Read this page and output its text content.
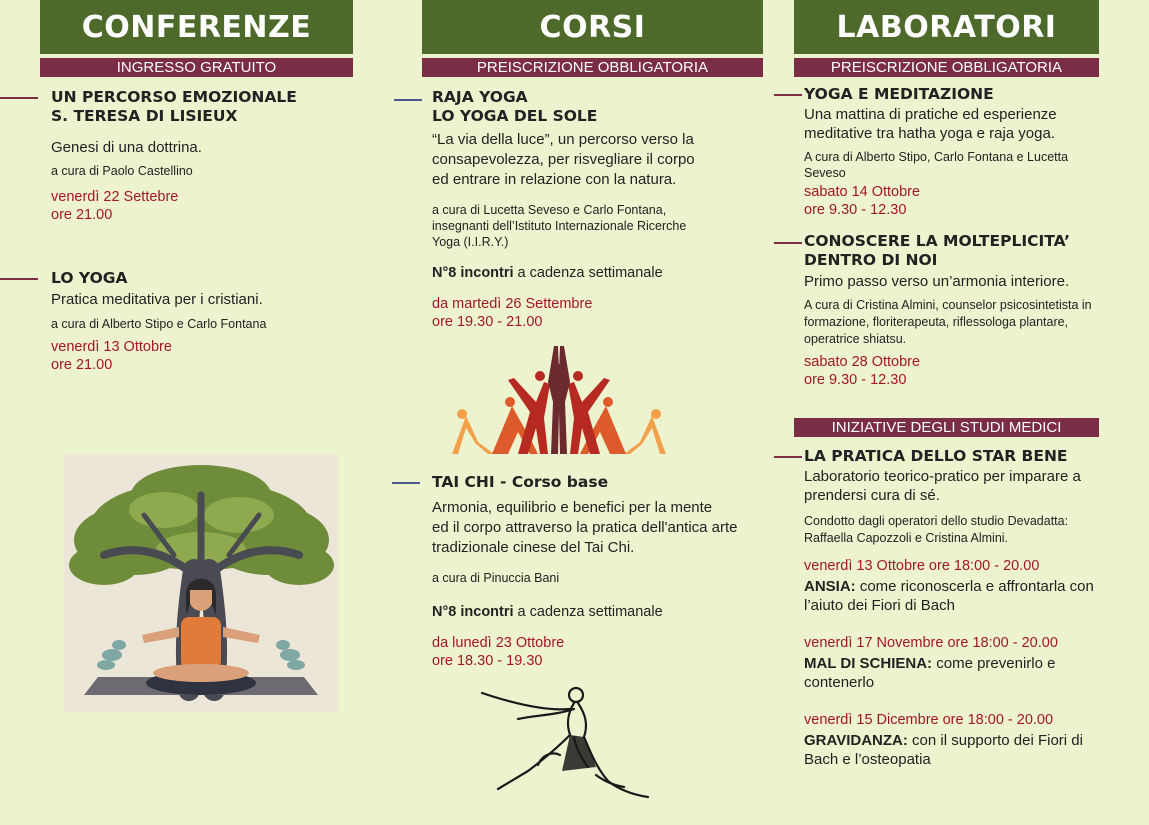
CONFERENZE
INGRESSO GRATUITO
CORSI
PREISCRIZIONE OBBLIGATORIA
LABORATORI
PREISCRIZIONE OBBLIGATORIA
UN PERCORSO EMOZIONALE
S. TERESA DI LISIEUX
Genesi di una dottrina.
a cura di Paolo Castellino
venerdì 22 Settebre
ore 21.00
LO YOGA
Pratica meditativa per i cristiani.
a cura di Alberto Stipo e Carlo Fontana
venerdì 13 Ottobre
ore 21.00
RAJA YOGA
LO YOGA DEL SOLE
“La via della luce”, un percorso verso la
consapevolezza, per risvegliare il corpo
ed entrare in relazione con la natura.
a cura di Lucetta Seveso e Carlo Fontana,
insegnanti dell’Istituto Internazionale Ricerche
Yoga (I.I.R.Y.)
N°8 incontri a cadenza settimanale
da martedì 26 Settembre
ore 19.30 - 21.00
TAI CHI - Corso base
Armonia, equilibrio e benefici per la mente
ed il corpo attraverso la pratica dell'antica arte
tradizionale cinese del Tai Chi.
a cura di Pinuccia Bani
N°8 incontri a cadenza settimanale
da lunedì 23 Ottobre
ore 18.30 - 19.30
YOGA E MEDITAZIONE
Una mattina di pratiche ed esperienze
meditative tra hatha yoga e raja yoga.
A cura di Alberto Stipo, Carlo Fontana e Lucetta
Seveso
sabato 14 Ottobre
ore 9.30 - 12.30
CONOSCERE LA MOLTEPLICITA’
DENTRO DI NOI
Primo passo verso un’armonia interiore.
A cura di Cristina Almini, counselor psicosintetista in
formazione, floriterapeuta, riflessologa plantare,
operatrice shiatsu.
sabato 28 Ottobre
ore 9.30 - 12.30
INIZIATIVE DEGLI STUDI MEDICI
LA PRATICA DELLO STAR BENE
Laboratorio teorico-pratico per imparare a
prendersi cura di sé.
Condotto dagli operatori dello studio Devadatta:
Raffaella Capozzoli e Cristina Almini.
venerdì 13 Ottobre ore 18:00 - 20.00
ANSIA: come riconoscerla e affrontarla con
l’aiuto dei Fiori di Bach
venerdì 17 Novembre ore 18:00 - 20.00
MAL DI SCHIENA: come prevenirlo e
contenerlo
venerdì 15 Dicembre ore 18:00 - 20.00
GRAVIDANZA: con il supporto dei Fiori di
Bach e l’osteopatia
